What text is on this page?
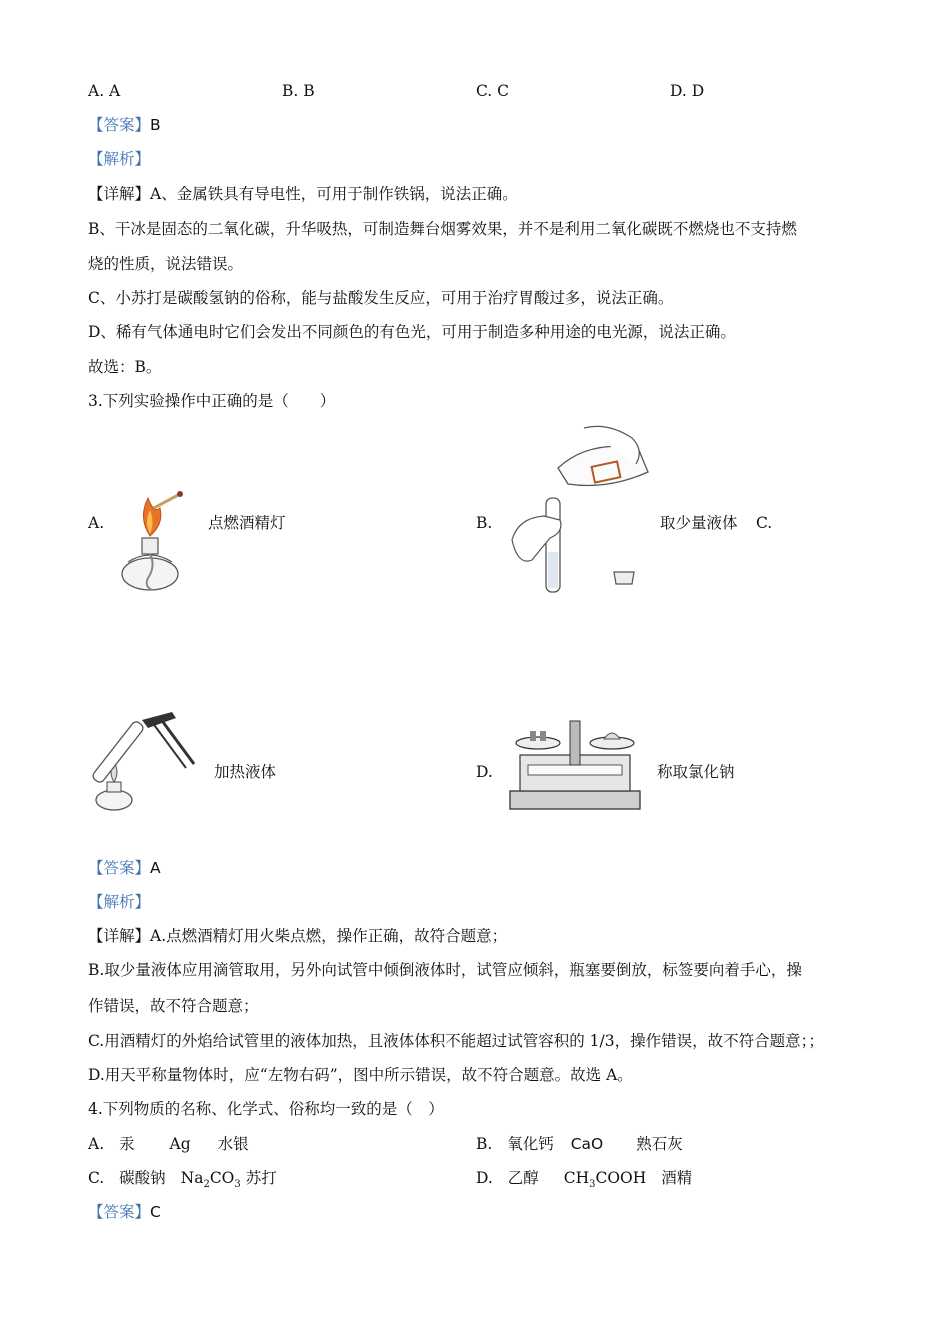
A. A	B. B	C. C	D. D
【答案】B
【解析】
【详解】A、金属铁具有导电性，可用于制作铁锅，说法正确。
B、干冰是固态的二氧化碳，升华吸热，可制造舞台烟雾效果，并不是利用二氧化碳既不燃烧也不支持燃
烧的性质，说法错误。
C、小苏打是碳酸氢钠的俗称，能与盐酸发生反应，可用于治疗胃酸过多，说法正确。
D、稀有气体通电时它们会发出不同颜色的有色光，可用于制造多种用途的电光源，说法正确。
故选：B。
3.下列实验操作中正确的是（　　）
A.	点燃酒精灯	B.	取少量液体 C.
加热液体	D.	称取氯化钠
【答案】A
【解析】
【详解】A.点燃酒精灯用火柴点燃，操作正确，故符合题意；
B.取少量液体应用滴管取用，另外向试管中倾倒液体时，试管应倾斜，瓶塞要倒放，标签要向着手心，操
作错误，故不符合题意；
C.用酒精灯的外焰给试管里的液体加热，且液体体积不能超过试管容积的 1/3，操作错误，故不符合题意；；
D.用天平称量物体时，应“左物右码”，图中所示错误，故不符合题意。故选 A。
4.下列物质的名称、化学式、俗称均一致的是（　）
A. 汞 Ag 水银	B. 氧化钙 CaO 熟石灰
C. 碳酸钠 $Na_2CO_3$ 苏打	D. 乙醇 $CH_3COOH$ 酒精
【答案】C
